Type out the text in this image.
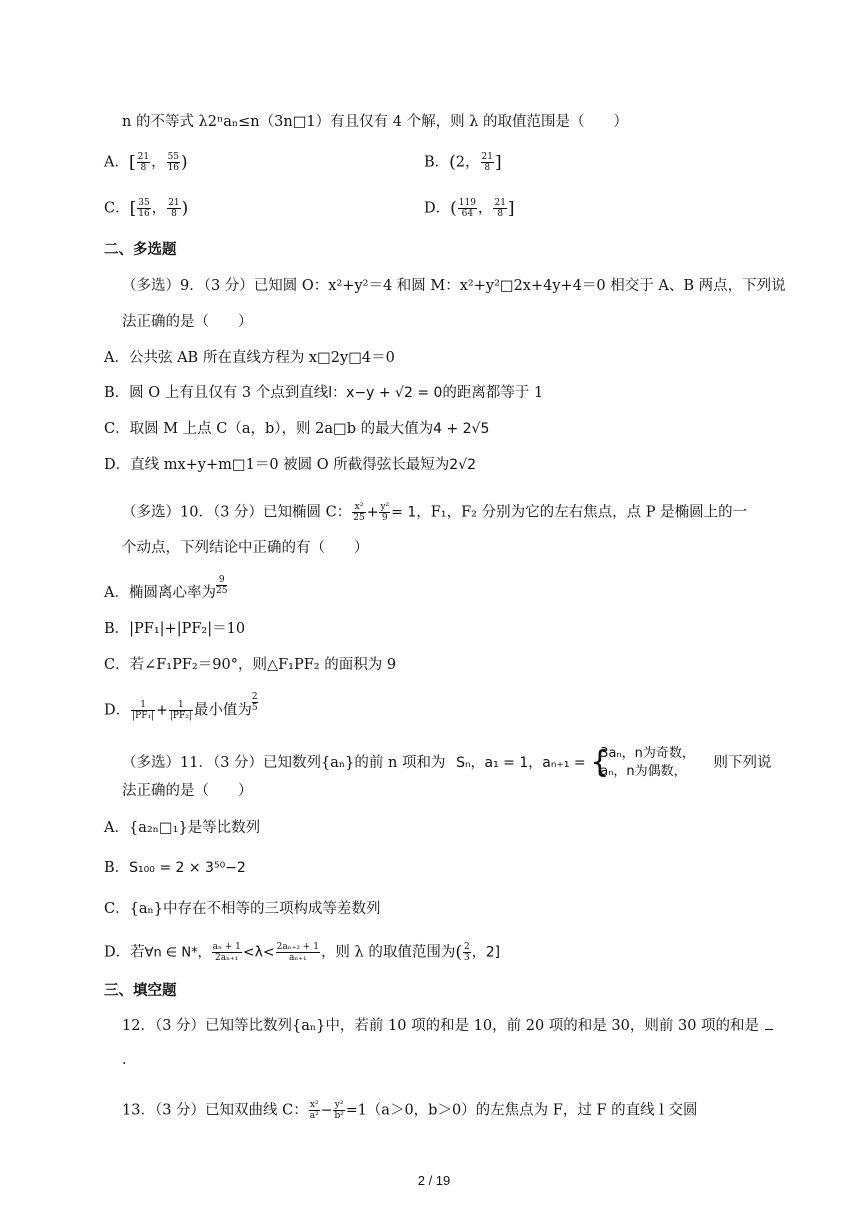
n 的不等式 λ2ⁿaₙ≤n（3n□1）有且仅有 4 个解，则 λ 的取值范围是（　　）
A．[ $\frac{21}{8}$ ， $\frac{55}{16}$ )	B．(2， $\frac{21}{8}$ ]
C．[ $\frac{35}{16}$ ， $\frac{21}{8}$ )	D．( $\frac{119}{64}$ ， $\frac{21}{8}$ ]
二、多选题
（多选）9．（3 分）已知圆 O：x²+y²＝4 和圆 M：x²+y²□2x+4y+4＝0 相交于 A、B 两点，下列说
法正确的是（　　）
A．公共弦 AB 所在直线方程为 x□2y□4＝0
B．圆 O 上有且仅有 3 个点到直线l：x−y + √2 = 0的距离都等于 1
C．取圆 M 上点 C（a，b），则 2a□b 的最大值为4 + 2√5
D．直线 mx+y+m□1＝0 被圆 O 所截得弦长最短为2√2
（多选）10．（3 分）已知椭圆 C： $\frac{\text{x²}}{25} + \frac{\text{y²}}{9} = 1$，F₁，F₂ 分别为它的左右焦点，点 P 是椭圆上的一
个动点，下列结论中正确的有（　　）
A．椭圆离心率为 $\frac{9}{25}$
B．|PF₁|+|PF₂|＝10
C．若∠F₁PF₂＝90°，则△F₁PF₂ 的面积为 9
D． $\frac{1}{\text{|PF₁|}} + \frac{1}{\text{|PF₂|}}$ 最小值为 $\frac{2}{5}$
（多选）11．（3 分）已知数列{aₙ}的前 n 项和为 Sₙ，a₁ = 1，aₙ₊₁ = {
3aₙ，n为奇数，
aₙ，n为偶数，
则下列说
法正确的是（　　）
A．{a₂ₙ□₁}是等比数列
B．S₁₀₀ = 2 × 3⁵⁰−2
C．{aₙ}中存在不相等的三项构成等差数列
D．若∀n ∈ N*， $\frac{\text{aₙ + 1}}{\text{2aₙ₊₁}} <\lambda< \frac{\text{2aₙ₊₂ + 1}}{\text{aₙ₊₁}}$ ，则 λ 的取值范围为( $\frac{2}{3}$ ，2]
三、填空题
12．（3 分）已知等比数列{aₙ}中，若前 10 项的和是 10，前 20 项的和是 30，则前 30 项的和是
．
13．（3 分）已知双曲线 C： $\frac{\text{x²}}{\text{a²}} - \frac{\text{y²}}{\text{b²}} =1(a>0$，b＞0）的左焦点为 F，过 F 的直线 l 交圆
2 / 19
